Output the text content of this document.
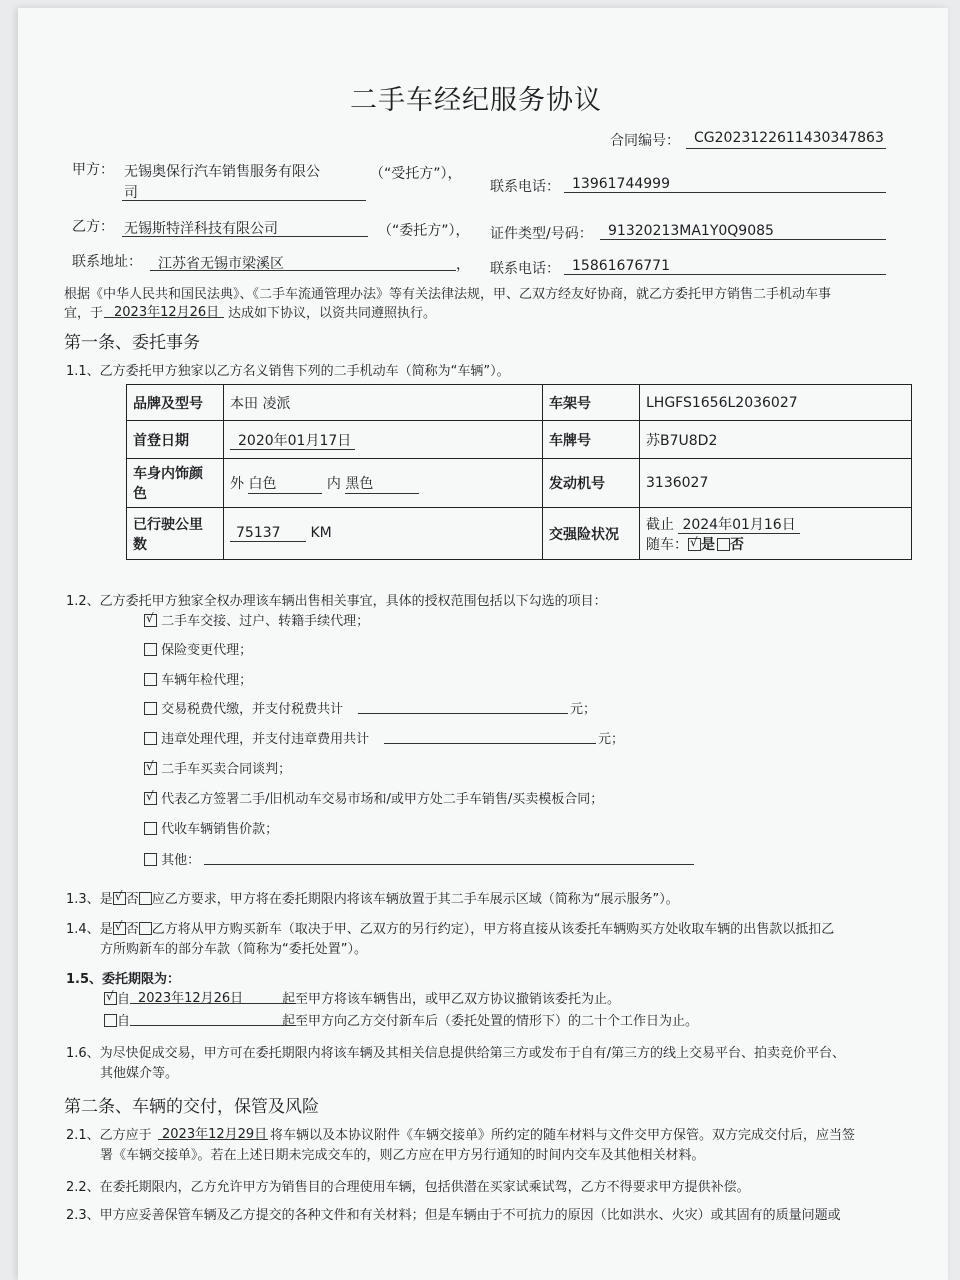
二手车经纪服务协议
合同编号： CG2023122611430347863
甲方： 无锡奥保行汽车销售服务有限公
司
（“受托方”），
联系电话： 13961744999
乙方： 无锡斯特洋科技有限公司	（“委托方”）， 证件类型/号码： 91320213MA1Y0Q9085
联系地址： 江苏省无锡市梁溪区	， 联系电话： 15861676771
根据《中华人民共和国民法典》、《二手车流通管理办法》等有关法律法规，甲、乙双方经友好协商，就乙方委托甲方销售二手机动车事
宜，于 2023年12月26日 达成如下协议，以资共同遵照执行。
第一条、委托事务
1.1、乙方委托甲方独家以乙方名义销售下列的二手机动车（简称为“车辆”）。
品牌及型号	本田 凌派	车架号	LHGFS1656L2036027
首登日期	2020年01月17日	车牌号	苏B7U8D2
车身内饰颜
色	外 白色 内 黑色	发动机号	3136027
已行驶公里
数	75137 KM	交强险状况	截止 2024年01月16日
随车： √ 是 否
1.2、乙方委托甲方独家全权办理该车辆出售相关事宜，具体的授权范围包括以下勾选的项目：
√ 二手车交接、过户、转籍手续代理；
保险变更代理；
车辆年检代理；
交易税费代缴，并支付税费共计	元；
违章处理代理，并支付违章费用共计	元；
√ 二手车买卖合同谈判；
√ 代表乙方签署二手/旧机动车交易市场和/或甲方处二手车销售/买卖模板合同；
代收车辆销售价款；
其他：
1.3、是 √ 否 应乙方要求，甲方将在委托期限内将该车辆放置于其二手车展示区域（简称为“展示服务”）。
1.4、是 √ 否 乙方将从甲方购买新车（取决于甲、乙双方的另行约定），甲方将直接从该委托车辆购买方处收取车辆的出售款以抵扣乙
方所购新车的部分车款（简称为“委托处置”）。
1.5、委托期限为：
√自 2023年12月26日	起至甲方将该车辆售出，或甲乙双方协议撤销该委托为止。
自	起至甲方向乙方交付新车后（委托处置的情形下）的二十个工作日为止。
1.6、为尽快促成交易，甲方可在委托期限内将该车辆及其相关信息提供给第三方或发布于自有/第三方的线上交易平台、拍卖竞价平台、
其他媒介等。
第二条、车辆的交付，保管及风险
2.1、乙方应于 2023年12月29日 将车辆以及本协议附件《车辆交接单》所约定的随车材料与文件交甲方保管。双方完成交付后，应当签
署《车辆交接单》。若在上述日期未完成交车的，则乙方应在甲方另行通知的时间内交车及其他相关材料。
2.2、在委托期限内，乙方允许甲方为销售目的合理使用车辆，包括供潜在买家试乘试驾，乙方不得要求甲方提供补偿。
2.3、甲方应妥善保管车辆及乙方提交的各种文件和有关材料；但是车辆由于不可抗力的原因（比如洪水、火灾）或其固有的质量问题或
